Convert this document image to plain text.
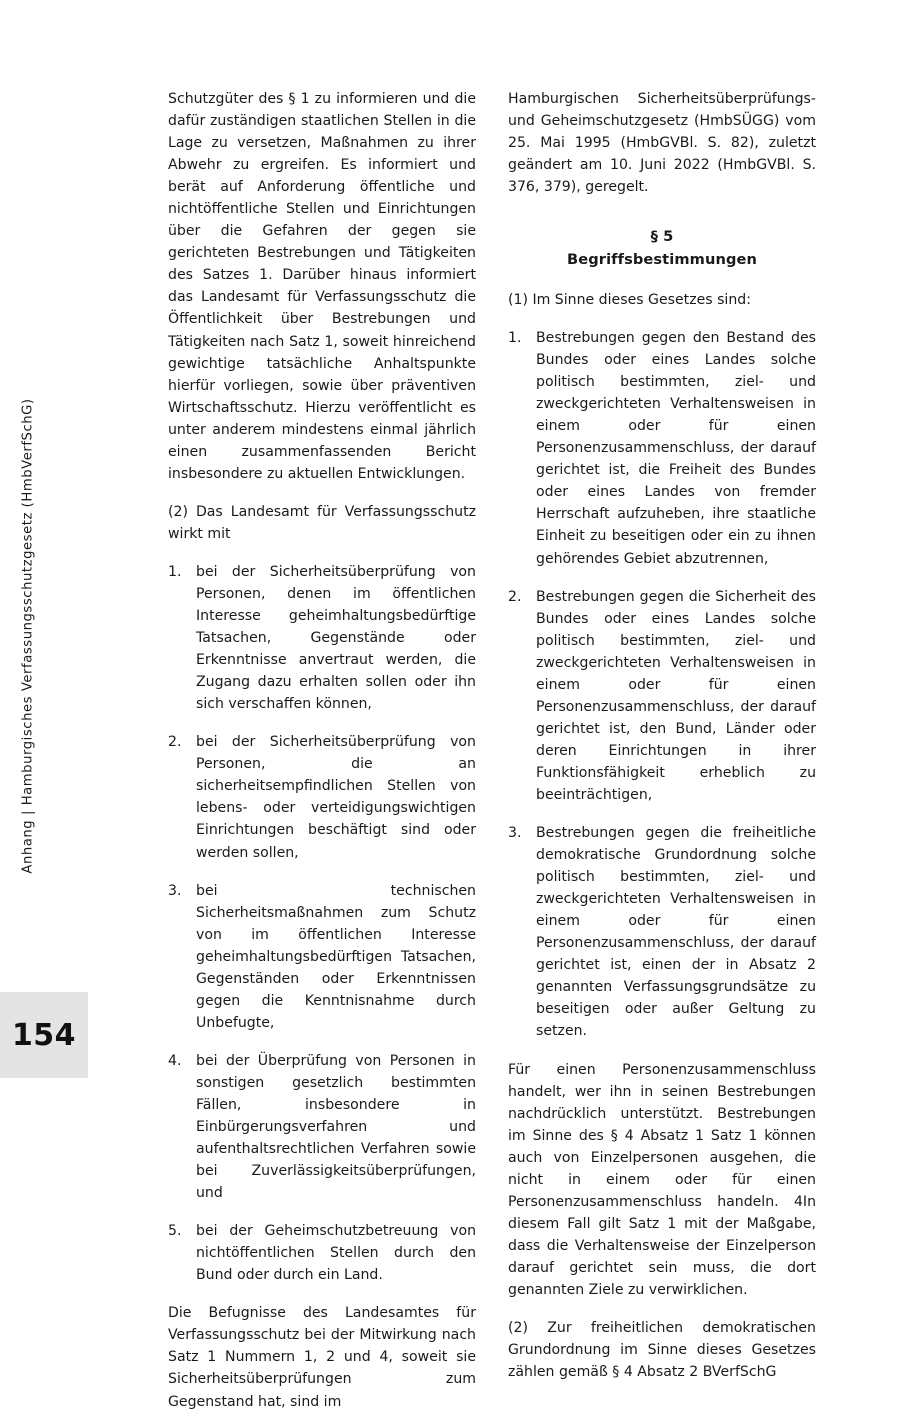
Anhang | Hamburgisches Verfassungsschutzgesetz (HmbVerfSchG)
154

Schutzgüter des § 1 zu informieren und die dafür zuständigen staatlichen Stellen in die Lage zu versetzen, Maßnahmen zu ihrer Abwehr zu ergreifen. Es informiert und berät auf Anforderung öffentliche und nichtöffentliche Stellen und Einrichtungen über die Gefahren der gegen sie gerichteten Bestrebungen und Tätigkeiten des Satzes 1. Darüber hinaus informiert das Landesamt für Verfassungsschutz die Öffentlichkeit über Bestrebungen und Tätigkeiten nach Satz 1, soweit hinreichend gewichtige tatsächliche Anhaltspunkte hierfür vorliegen, sowie über präventiven Wirtschaftsschutz. Hierzu veröffentlicht es unter anderem mindestens einmal jährlich einen zusammenfassenden Bericht insbesondere zu aktuellen Entwicklungen.

(2) Das Landesamt für Verfassungsschutz wirkt mit

1.	bei der Sicherheitsüberprüfung von Personen, denen im öffentlichen Interesse geheimhaltungsbedürftige Tatsachen, Gegenstände oder Erkenntnisse anvertraut werden, die Zugang dazu erhalten sollen oder ihn sich verschaffen können,
2.	bei der Sicherheitsüberprüfung von Personen, die an sicherheitsempfindlichen Stellen von lebens- oder verteidigungswichtigen Einrichtungen beschäftigt sind oder werden sollen,
3.	bei technischen Sicherheitsmaßnahmen zum Schutz von im öffentlichen Interesse geheimhaltungsbedürftigen Tatsachen, Gegenständen oder Erkenntnissen gegen die Kenntnisnahme durch Unbefugte,
4.	bei der Überprüfung von Personen in sonstigen gesetzlich bestimmten Fällen, insbesondere in Einbürgerungsverfahren und aufenthaltsrechtlichen Verfahren sowie bei Zuverlässigkeitsüberprüfungen, und
5.	bei der Geheimschutzbetreuung von nichtöffentlichen Stellen durch den Bund oder durch ein Land.

Die Befugnisse des Landesamtes für Verfassungsschutz bei der Mitwirkung nach Satz 1 Nummern 1, 2 und 4, soweit sie Sicherheitsüberprüfungen zum Gegenstand hat, sind im

Hamburgischen Sicherheitsüberprüfungs- und Geheimschutzgesetz (HmbSÜGG) vom 25. Mai 1995 (HmbGVBl. S. 82), zuletzt geändert am 10. Juni 2022 (HmbGVBl. S. 376, 379), geregelt.

§ 5
Begriffsbestimmungen

(1) Im Sinne dieses Gesetzes sind:

1.	Bestrebungen gegen den Bestand des Bundes oder eines Landes solche politisch bestimmten, ziel- und zweckgerichteten Verhaltensweisen in einem oder für einen Personenzusammenschluss, der darauf gerichtet ist, die Freiheit des Bundes oder eines Landes von fremder Herrschaft aufzuheben, ihre staatliche Einheit zu beseitigen oder ein zu ihnen gehörendes Gebiet abzutrennen,
2.	Bestrebungen gegen die Sicherheit des Bundes oder eines Landes solche politisch bestimmten, ziel- und zweckgerichteten Verhaltensweisen in einem oder für einen Personenzusammenschluss, der darauf gerichtet ist, den Bund, Länder oder deren Einrichtungen in ihrer Funktionsfähigkeit erheblich zu beeinträchtigen,
3.	Bestrebungen gegen die freiheitliche demokratische Grundordnung solche politisch bestimmten, ziel- und zweckgerichteten Verhaltensweisen in einem oder für einen Personenzusammenschluss, der darauf gerichtet ist, einen der in Absatz 2 genannten Verfassungsgrundsätze zu beseitigen oder außer Geltung zu setzen.

Für einen Personenzusammenschluss handelt, wer ihn in seinen Bestrebungen nachdrücklich unterstützt. Bestrebungen im Sinne des § 4 Absatz 1 Satz 1 können auch von Einzelpersonen ausgehen, die nicht in einem oder für einen Personenzusammenschluss handeln. 4In diesem Fall gilt Satz 1 mit der Maßgabe, dass die Verhaltensweise der Einzelperson darauf gerichtet sein muss, die dort genannten Ziele zu verwirklichen.

(2) Zur freiheitlichen demokratischen Grundordnung im Sinne dieses Gesetzes zählen gemäß § 4 Absatz 2 BVerfSchG
